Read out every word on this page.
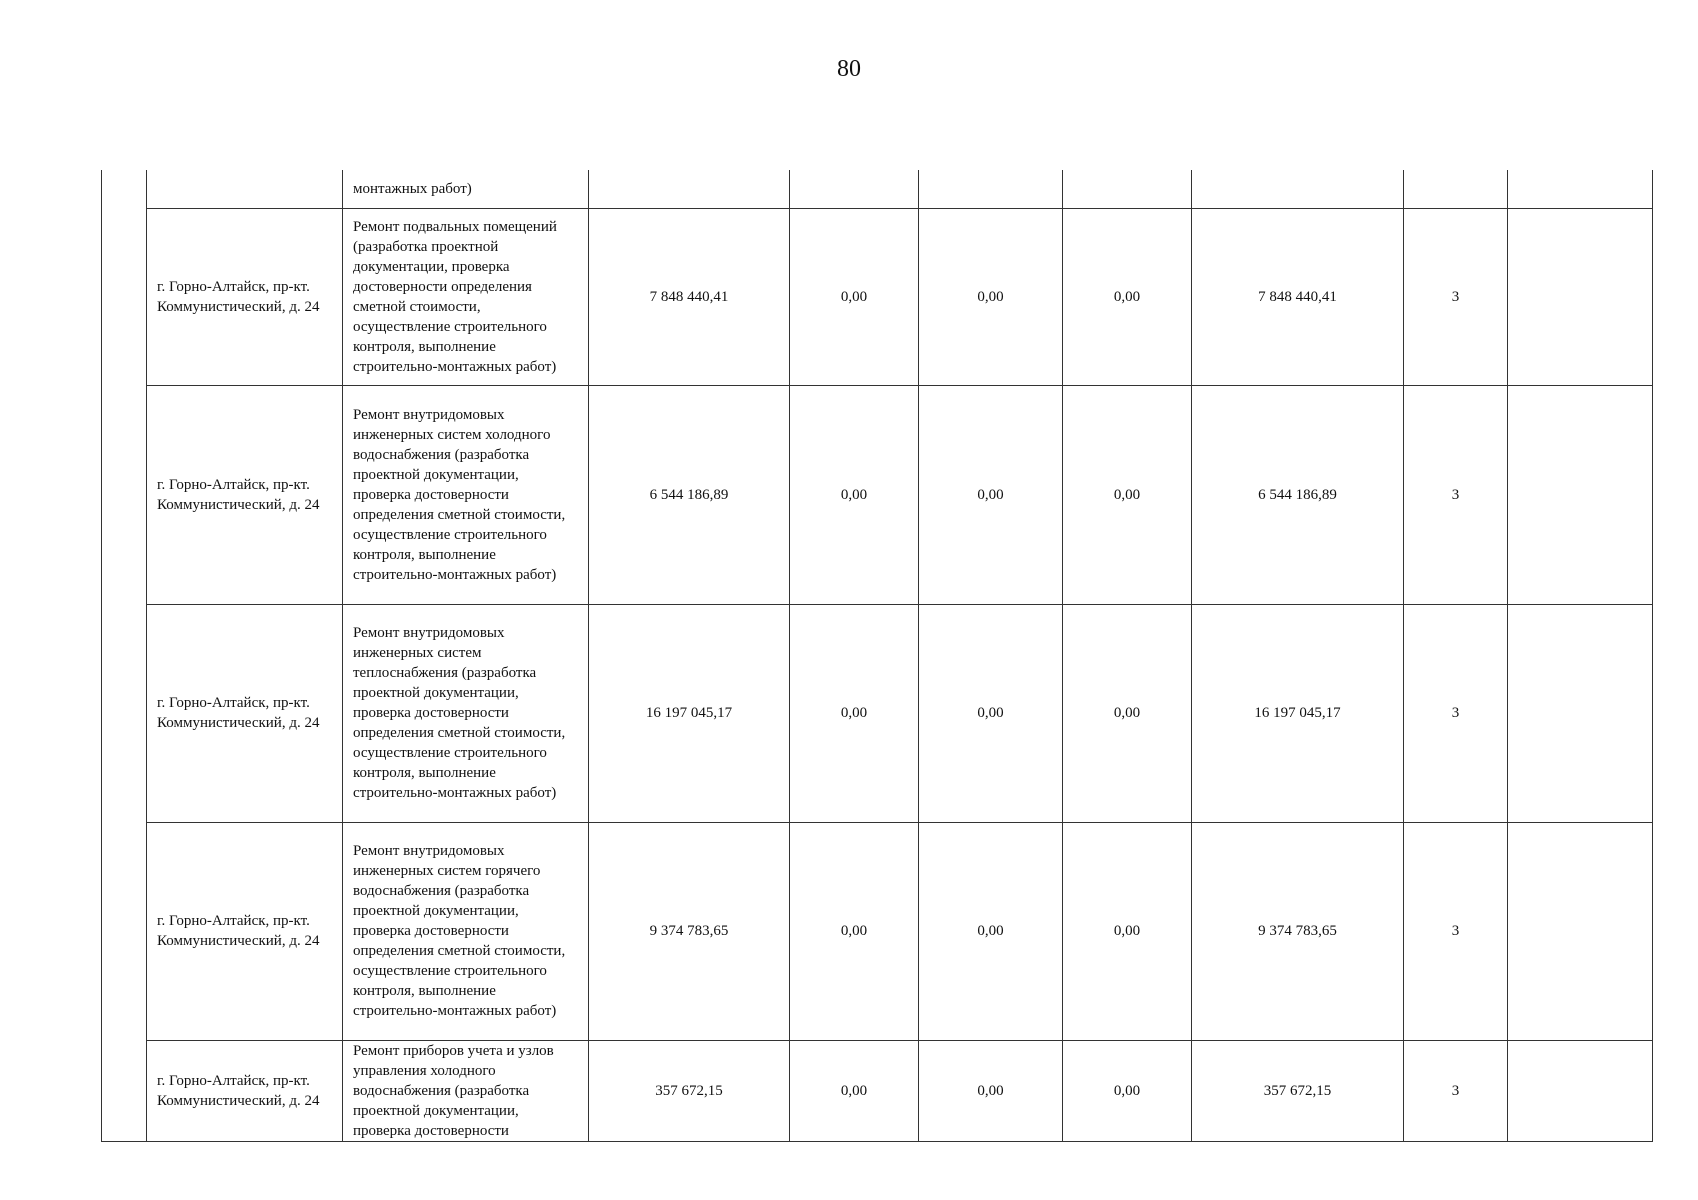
80
		монтажных работ)							
	г. Горно-Алтайск, пр-кт. Коммунистический, д. 24	Ремонт подвальных помещений (разработка проектной документации, проверка достоверности определения сметной стоимости, осуществление строительного контроля, выполнение строительно-монтажных работ)	7 848 440,41	0,00	0,00	0,00	7 848 440,41	3	
	г. Горно-Алтайск, пр-кт. Коммунистический, д. 24	Ремонт внутридомовых инженерных систем холодного водоснабжения (разработка проектной документации, проверка достоверности определения сметной стоимости, осуществление строительного контроля, выполнение строительно-монтажных работ)	6 544 186,89	0,00	0,00	0,00	6 544 186,89	3	
	г. Горно-Алтайск, пр-кт. Коммунистический, д. 24	Ремонт внутридомовых инженерных систем теплоснабжения (разработка проектной документации, проверка достоверности определения сметной стоимости, осуществление строительного контроля, выполнение строительно-монтажных работ)	16 197 045,17	0,00	0,00	0,00	16 197 045,17	3	
	г. Горно-Алтайск, пр-кт. Коммунистический, д. 24	Ремонт внутридомовых инженерных систем горячего водоснабжения (разработка проектной документации, проверка достоверности определения сметной стоимости, осуществление строительного контроля, выполнение строительно-монтажных работ)	9 374 783,65	0,00	0,00	0,00	9 374 783,65	3	
	г. Горно-Алтайск, пр-кт. Коммунистический, д. 24	Ремонт приборов учета и узлов управления холодного водоснабжения (разработка проектной документации, проверка достоверности	357 672,15	0,00	0,00	0,00	357 672,15	3	
